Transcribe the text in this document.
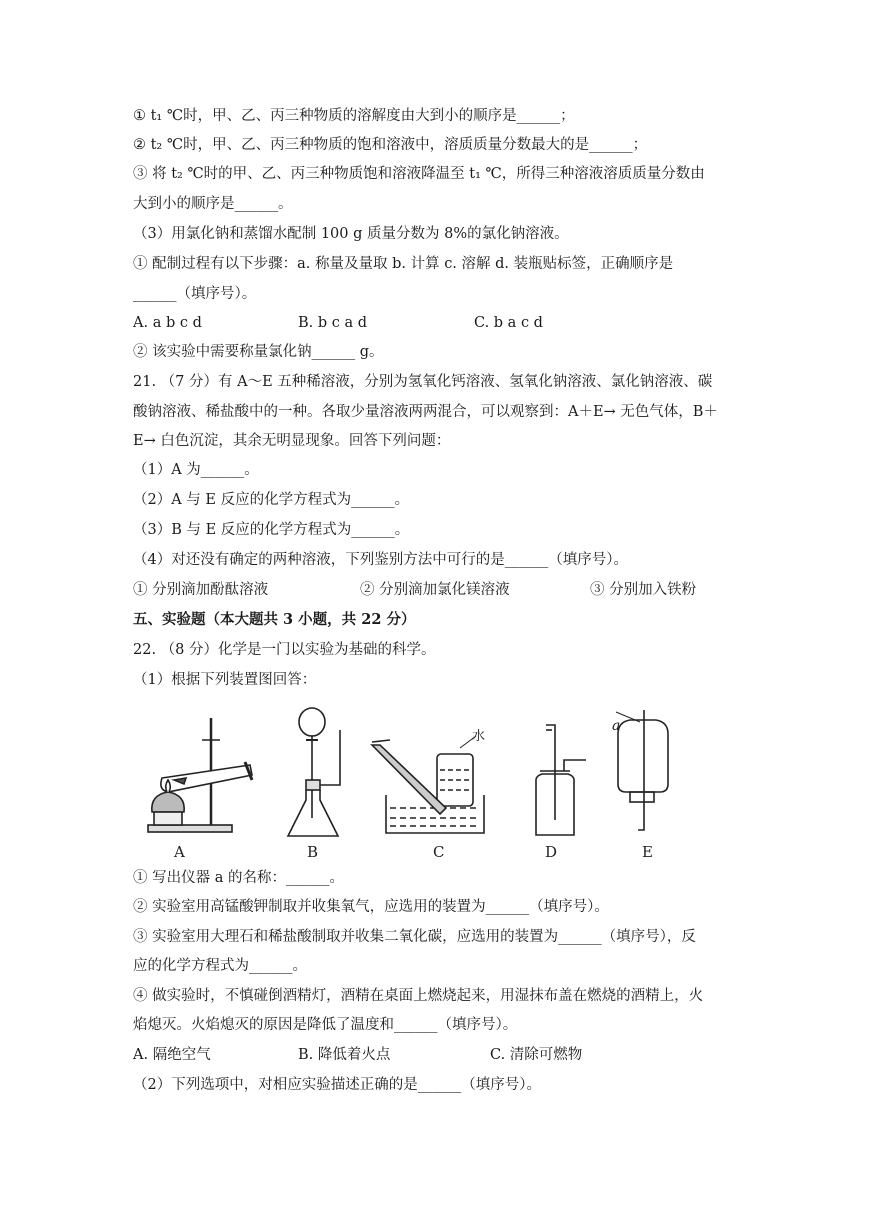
① t₁ ℃时，甲、乙、丙三种物质的溶解度由大到小的顺序是______；
② t₂ ℃时，甲、乙、丙三种物质的饱和溶液中，溶质质量分数最大的是______；
③ 将 t₂ ℃时的甲、乙、丙三种物质饱和溶液降温至 t₁ ℃，所得三种溶液溶质质量分数由
大到小的顺序是______。
（3）用氯化钠和蒸馏水配制 100 g 质量分数为 8%的氯化钠溶液。
① 配制过程有以下步骤：a. 称量及量取 b. 计算 c. 溶解 d. 装瓶贴标签，正确顺序是
______（填序号）。
A. a b c d	B. b c a d	C. b a c d
② 该实验中需要称量氯化钠______ g。
21. （7 分）有 A～E 五种稀溶液，分别为氢氧化钙溶液、氢氧化钠溶液、氯化钠溶液、碳
酸钠溶液、稀盐酸中的一种。各取少量溶液两两混合，可以观察到：A＋E→ 无色气体，B＋
E→ 白色沉淀，其余无明显现象。回答下列问题：
（1）A 为______。
（2）A 与 E 反应的化学方程式为______。
（3）B 与 E 反应的化学方程式为______。
（4）对还没有确定的两种溶液，下列鉴别方法中可行的是______（填序号）。
① 分别滴加酚酞溶液	② 分别滴加氯化镁溶液	③ 分别加入铁粉
五、实验题（本大题共 3 小题，共 22 分）
22. （8 分）化学是一门以实验为基础的科学。
（1）根据下列装置图回答：
A	B	C	D	E
水
a
① 写出仪器 a 的名称：______。
② 实验室用高锰酸钾制取并收集氧气，应选用的装置为______（填序号）。
③ 实验室用大理石和稀盐酸制取并收集二氧化碳，应选用的装置为______（填序号），反
应的化学方程式为______。
④ 做实验时，不慎碰倒酒精灯，酒精在桌面上燃烧起来，用湿抹布盖在燃烧的酒精上，火
焰熄灭。火焰熄灭的原因是降低了温度和______（填序号）。
A. 隔绝空气	B. 降低着火点	C. 清除可燃物
（2）下列选项中，对相应实验描述正确的是______（填序号）。
